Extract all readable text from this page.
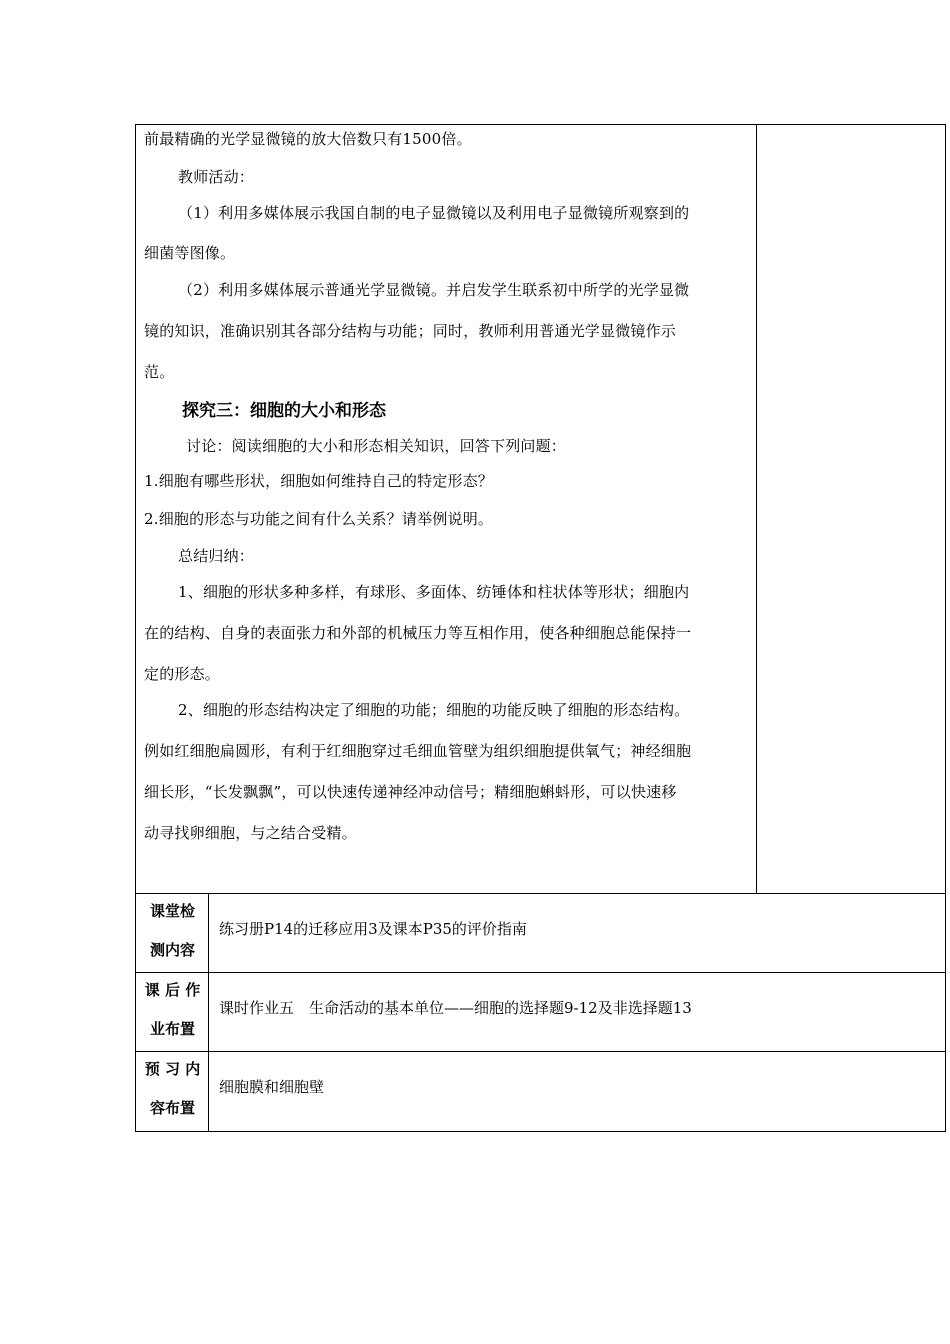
前最精确的光学显微镜的放大倍数只有1500倍。
教师活动：
（1）利用多媒体展示我国自制的电子显微镜以及利用电子显微镜所观察到的
细菌等图像。
（2）利用多媒体展示普通光学显微镜。并启发学生联系初中所学的光学显微
镜的知识，准确识别其各部分结构与功能；同时，教师利用普通光学显微镜作示
范。
探究三：细胞的大小和形态
讨论：阅读细胞的大小和形态相关知识，回答下列问题：
1.细胞有哪些形状，细胞如何维持自己的特定形态？
2.细胞的形态与功能之间有什么关系？请举例说明。
总结归纳：
1、细胞的形状多种多样，有球形、多面体、纺锤体和柱状体等形状；细胞内
在的结构、自身的表面张力和外部的机械压力等互相作用，使各种细胞总能保持一
定的形态。
2、细胞的形态结构决定了细胞的功能；细胞的功能反映了细胞的形态结构。
例如红细胞扁圆形，有利于红细胞穿过毛细血管壁为组织细胞提供氧气；神经细胞
细长形，“长发飘飘”，可以快速传递神经冲动信号；精细胞蝌蚪形，可以快速移
动寻找卵细胞，与之结合受精。
课堂检
测内容
练习册P14的迁移应用3及课本P35的评价指南
课 后 作
业布置
课时作业五　生命活动的基本单位——细胞的选择题9-12及非选择题13
预 习 内
容布置
细胞膜和细胞壁
